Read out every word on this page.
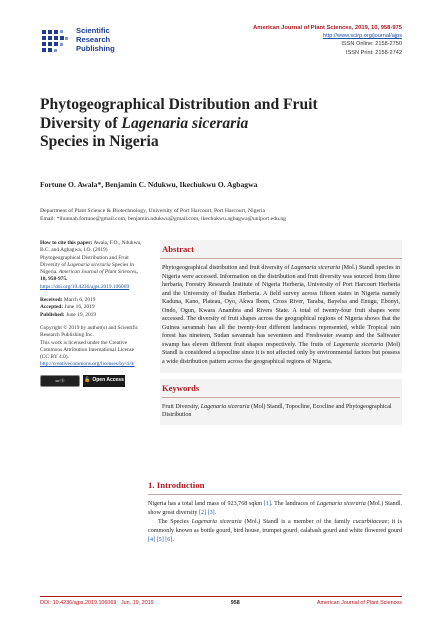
Scientific
Research
Publishing
American Journal of Plant Sciences, 2019, 10, 958-975
http://www.scirp.org/journal/ajps
ISSN Online: 2158-2750
ISSN Print: 2158-2742
Phytogeographical Distribution and Fruit
Diversity of Lagenaria siceraria
Species in Nigeria
Fortune O. Awala*, Benjamin C. Ndukwu, Ikechukwu O. Agbagwa
Department of Plant Science & Biotechnology, University of Port Harcourt, Port Harcourt, Nigeria
Email: *ihunnah.fortune@gmail.com, benjamin.ndukwu@gmail.com, ikechukwu.agbagwa@uniport.edu.ng

How to cite this paper: Awala, F.O., Ndukwu, B.C. and Agbagwa, I.O. (2019) Phytogeographical Distribution and Fruit Diversity of Lagenaria siceraria Species in Nigeria. American Journal of Plant Sciences, 10, 958-975. https://doi.org/10.4236/ajps.2019.106069

Received: March 6, 2019
Accepted: June 16, 2019
Published: June 19, 2019

Copyright © 2019 by author(s) and Scientific Research Publishing Inc.
This work is licensed under the Creative Commons Attribution International License (CC BY 4.0).
http://creativecommons.org/licenses/by/4.0/

cc ⓑ	🔓 Open Access
Abstract
Phytogeographical distribution and fruit diversity of Lagenaria siceraria (Mol.) Standl species in Nigeria were accessed. Information on the distribution and fruit diversity was sourced from three herbaria, Forestry Research Institute of Nigeria Herberia, University of Port Harcourt Herberia and the University of Ibadan Herberia. A field survey across fifteen states in Nigeria namely Kaduna, Kano, Plateau, Oyo, Akwa Ibom, Cross River, Taraba, Bayelsa and Enugu, Ebonyi, Ondo, Ogun, Kwara Anambra and Rivers State. A total of twenty-four fruit shapes were accessed. The diversity of fruit shapes across the geographical regions of Nigeria shows that the Guinea savannah has all the twenty-four different landraces represented, while Tropical rain forest has nineteen, Sudan savannah has seventeen and Freshwater swamp and the Saltwater swamp has eleven different fruit shapes respectively. The fruits of Lagenaria siceraria (Mol) Standl is considered a topocline since it is not affected only by environmental factors but possess a wide distribution pattern across the geographical regions of Nigeria.
Keywords
Fruit Diversity, Lagenaria siceraria (Mol) Standl, Topocline, Ecocline and Phytogeographical Distribution
1. Introduction
Nigeria has a total land mass of 923,768 sqkm [1]. The landraces of Lagenaria siceraria (Mol.) Standl. show great diversity [2] [3].
The Species Lagenaria siceraria (Mol.) Standl is a member of the family cucurbitaceae; it is commonly known as bottle gourd, bird house, trumpet gourd, calabash gourd and white flowered gourd [4] [5] [6].
DOI: 10.4236/ajps.2019.106069 Jun. 19, 2019	958	American Journal of Plant Sciences
